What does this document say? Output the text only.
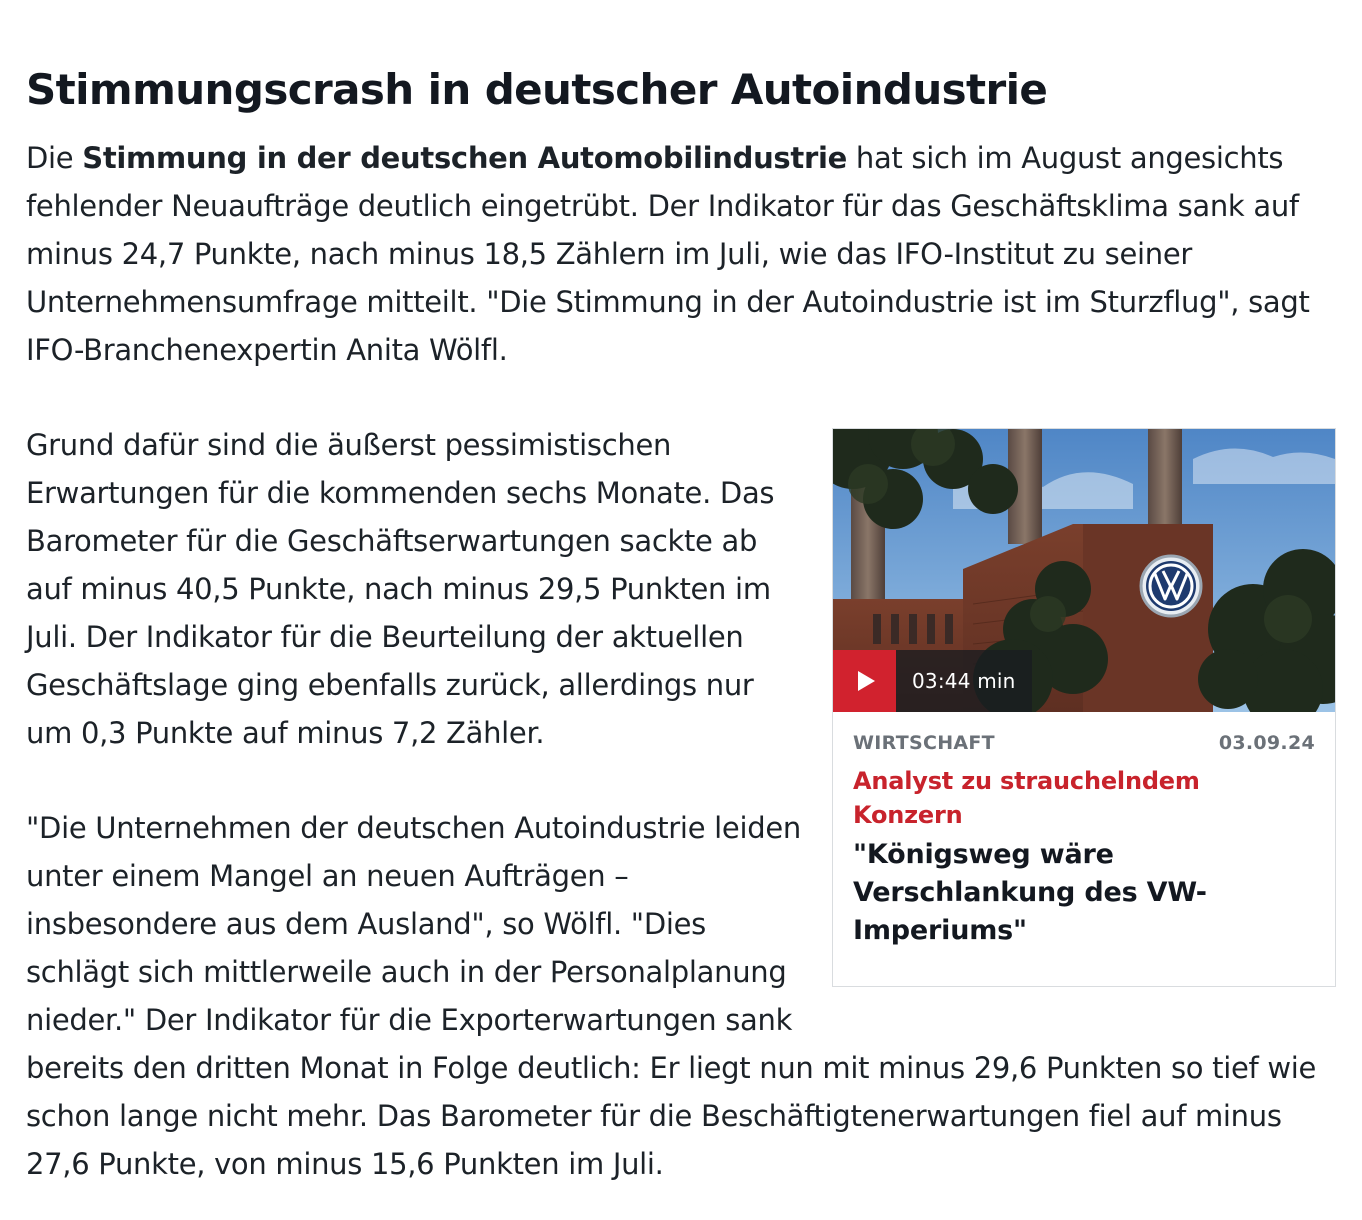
Stimmungscrash in deutscher Autoindustrie

Die Stimmung in der deutschen Automobilindustrie hat sich im August angesichts fehlender Neuaufträge deutlich eingetrübt. Der Indikator für das Geschäftsklima sank auf minus 24,7 Punkte, nach minus 18,5 Zählern im Juli, wie das IFO-Institut zu seiner Unternehmensumfrage mitteilt. "Die Stimmung in der Autoindustrie ist im Sturzflug", sagt IFO-Branchenexpertin Anita Wölfl.

03:44 min
WIRTSCHAFT	03.09.24
Analyst zu strauchelndem Konzern
"Königsweg wäre Verschlankung des VW-Imperiums"

Grund dafür sind die äußerst pessimistischen Erwartungen für die kommenden sechs Monate. Das Barometer für die Geschäftserwartungen sackte ab auf minus 40,5 Punkte, nach minus 29,5 Punkten im Juli. Der Indikator für die Beurteilung der aktuellen Geschäftslage ging ebenfalls zurück, allerdings nur um 0,3 Punkte auf minus 7,2 Zähler.

"Die Unternehmen der deutschen Autoindustrie leiden unter einem Mangel an neuen Aufträgen – insbesondere aus dem Ausland", so Wölfl. "Dies schlägt sich mittlerweile auch in der Personalplanung nieder." Der Indikator für die Exporterwartungen sank bereits den dritten Monat in Folge deutlich: Er liegt nun mit minus 29,6 Punkten so tief wie schon lange nicht mehr. Das Barometer für die Beschäftigtenerwartungen fiel auf minus 27,6 Punkte, von minus 15,6 Punkten im Juli.
